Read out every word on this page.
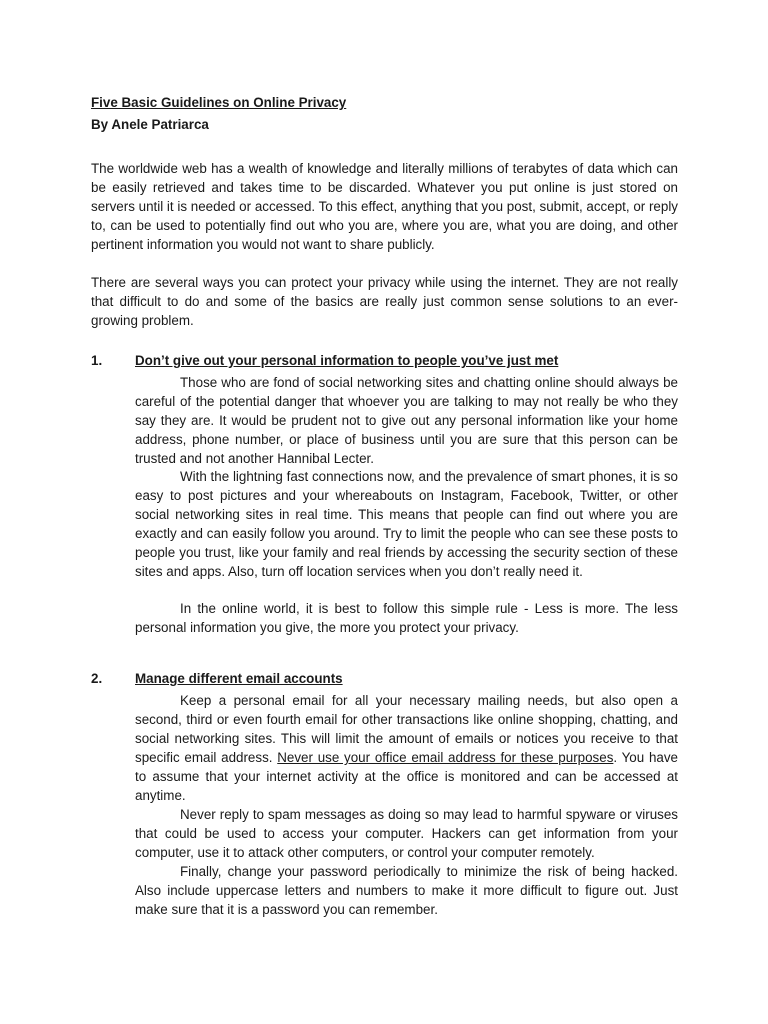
Five Basic Guidelines on Online Privacy
By Anele Patriarca

The worldwide web has a wealth of knowledge and literally millions of terabytes of data which can be easily retrieved and takes time to be discarded. Whatever you put online is just stored on servers until it is needed or accessed. To this effect, anything that you post, submit, accept, or reply to, can be used to potentially find out who you are, where you are, what you are doing, and other pertinent information you would not want to share publicly.

There are several ways you can protect your privacy while using the internet. They are not really that difficult to do and some of the basics are really just common sense solutions to an ever-growing problem.

1. Don’t give out your personal information to people you’ve just met

Those who are fond of social networking sites and chatting online should always be careful of the potential danger that whoever you are talking to may not really be who they say they are. It would be prudent not to give out any personal information like your home address, phone number, or place of business until you are sure that this person can be trusted and not another Hannibal Lecter.

With the lightning fast connections now, and the prevalence of smart phones, it is so easy to post pictures and your whereabouts on Instagram, Facebook, Twitter, or other social networking sites in real time. This means that people can find out where you are exactly and can easily follow you around. Try to limit the people who can see these posts to people you trust, like your family and real friends by accessing the security section of these sites and apps. Also, turn off location services when you don’t really need it.

In the online world, it is best to follow this simple rule - Less is more. The less personal information you give, the more you protect your privacy.

2. Manage different email accounts

Keep a personal email for all your necessary mailing needs, but also open a second, third or even fourth email for other transactions like online shopping, chatting, and social networking sites. This will limit the amount of emails or notices you receive to that specific email address. Never use your office email address for these purposes. You have to assume that your internet activity at the office is monitored and can be accessed at anytime.

Never reply to spam messages as doing so may lead to harmful spyware or viruses that could be used to access your computer. Hackers can get information from your computer, use it to attack other computers, or control your computer remotely.

Finally, change your password periodically to minimize the risk of being hacked. Also include uppercase letters and numbers to make it more difficult to figure out. Just make sure that it is a password you can remember.
